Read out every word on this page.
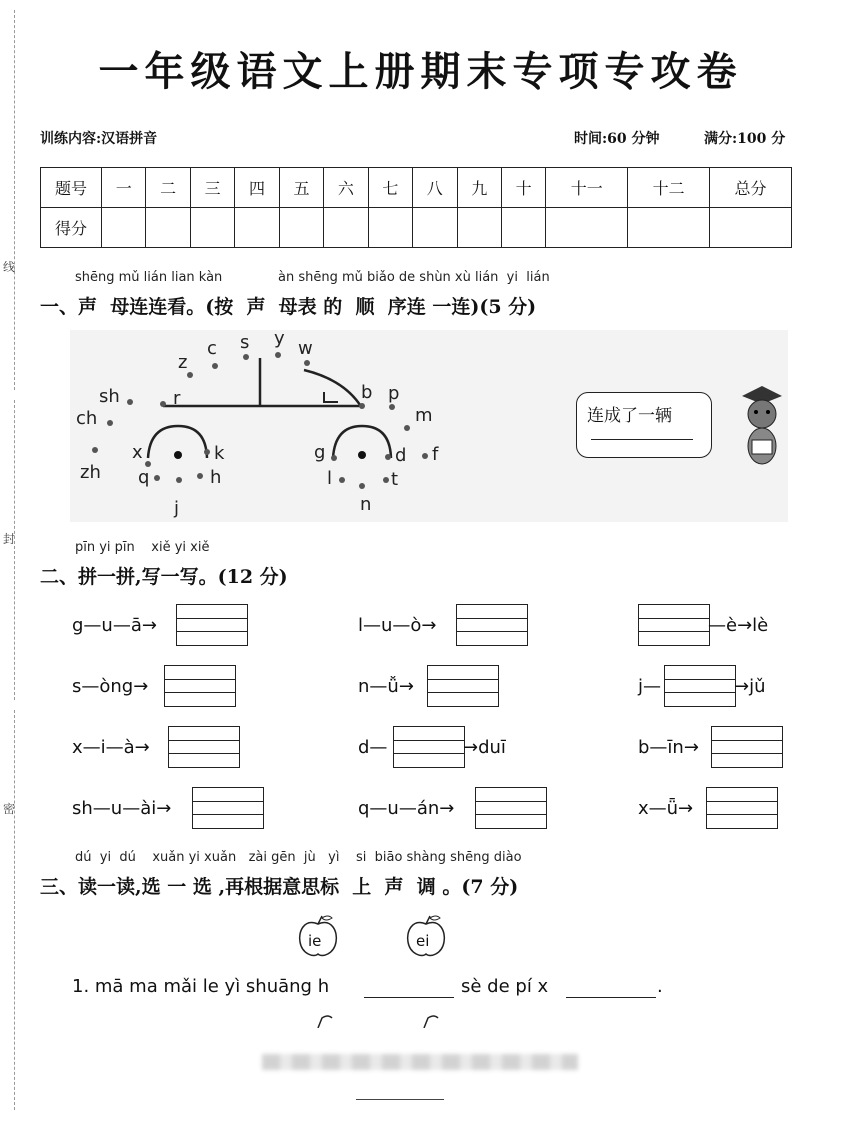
线
封
密
一年级语文上册期末专项专攻卷
训练内容:汉语拼音	时间:60 分钟	满分:100 分
题号	一	二	三	四	五	六	七	八	九	十	十一	十二	总分
得分													
shēng mǔ lián lian kàn	àn shēng mǔ biǎo de shùn xù lián  yi  lián
一、声  母连连看。(按  声  母表 的  顺  序连 一连)(5 分)
r
z
c s y w
sh
ch
zh
x
q
j
h
k
b p
m
f
d
t
n
l
g
连成了一辆
pīn yi pīn    xiě yi xiě
二、拼一拼,写一写。(12 分)
g—u—ā→	l—u—ò→	—è→lè
s—òng→	n—ǚ→	j—	→jǔ
x—i—à→	d—	→duī	b—īn→
sh—u—ài→	q—u—án→	x—ǖ→
dú  yi  dú    xuǎn yi xuǎn   zài gēn  jù   yì    si  biāo shàng shēng diào
三、读一读,选 一 选 ,再根据意思标  上  声  调 。(7 分)
ie	ei
1. mā ma mǎi le yì shuāng h	sè de pí x	.
